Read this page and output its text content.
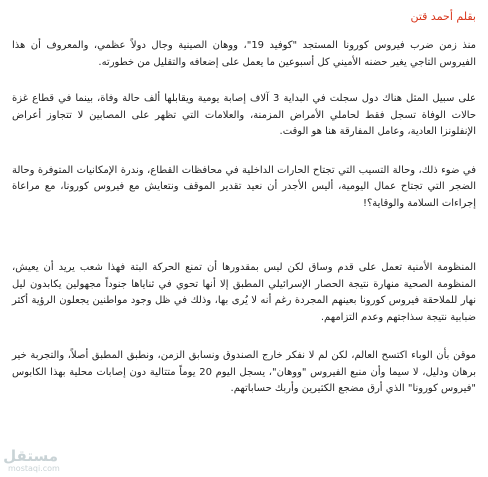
بقلم أحمد قتن

منذ زمن ضرب فيروس كورونا المستجد "كوفيد 19"، ووهان الصينية وجال دولاً عظمي، والمعروف أن هذا الفيروس التاجي يغير حضنه الأميني كل أسبوعين ما يعمل على إضعافه والتقليل من خطورته.

على سبيل المثل هناك دول سجلت في البداية 3 آلاف إصابة يومية ويقابلها ألف حالة وفاة، بينما في قطاع غزة حالات الوفاة تسجل فقط لحاملي الأمراض المزمنة، والعلامات التي تظهر على المصابين لا تتجاوز أعراض الإنفلونزا العادية، وعامل المفارقة هنا هو الوقت.

في ضوء ذلك، وحالة التسيب التي تجتاح الحارات الداخلية في محافظات القطاع، وندرة الإمكانيات المتوفرة وحالة الضجر التي تجتاح عمال اليومية، أليس الأجدر أن نعيد تقدير الموقف ونتعايش مع فيروس كورونا، مع مراعاة إجراءات السلامة والوقاية؟!

المنظومة الأمنية تعمل على قدم وساق لكن ليس بمقدورها أن تمنع الحركة البتة فهذا شعب يريد أن يعيش، المنظومة الصحية منهارة نتيجة الحصار الإسرائيلي المطبق إلا أنها تحوي في ثناياها جنوداً مجهولين يكابدون ليل نهار للملاحقة فيروس كورونا بعينهم المجردة رغم أنه لا يُرى بها، وذلك في ظل وجود مواطنين يجعلون الرؤية أكثر ضبابية نتيجة سذاجتهم وعدم التزامهم.

موقن بأن الوباء اكتسح العالم، لكن لم لا نفكر خارج الصندوق ونسابق الزمن، ونطبق المطبق أصلاً، والتجربة خير برهان ودليل، لا سيما وأن منبع الفيروس "ووهان"، يسجل اليوم 20 يوماً متتالية دون إصابات محلية بهذا الكابوس "فيروس كورونا" الذي أرق مضجع الكثيرين وأربك حساباتهم.

مستقل
mostaqi.com
